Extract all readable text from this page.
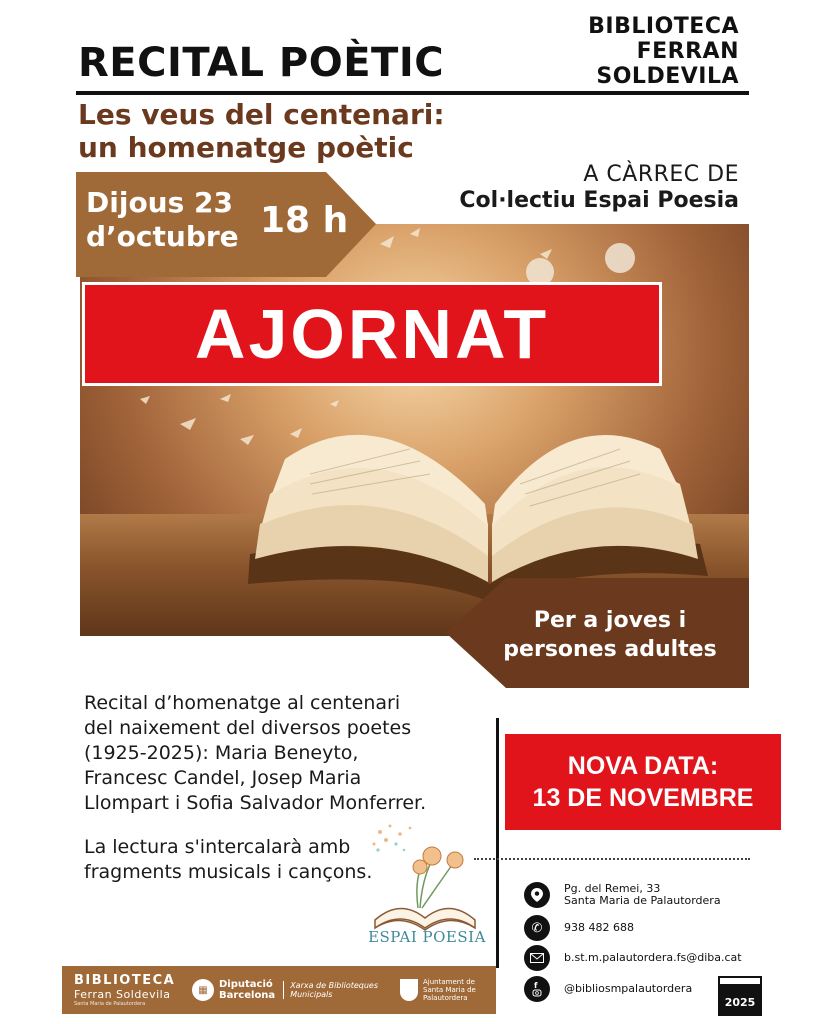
RECITAL POÈTIC
BIBLIOTECA
FERRAN
SOLDEVILA
Les veus del centenari:
un homenatge poètic
A CÀRREC DE
Col·lectiu Espai Poesia
Dijous 23
d’octubre 18 h
AJORNAT
Per a joves i
persones adultes
Recital d’homenatge al centenari
del naixement del diversos poetes
(1925-2025): Maria Beneyto,
Francesc Candel, Josep Maria
Llompart i Sofia Salvador Monferrer.
La lectura s'intercalarà amb
fragments musicals i cançons.
ESPAI POESIA
NOVA DATA:
13 DE NOVEMBRE
Pg. del Remei, 33
Santa Maria de Palautordera
✆	938 482 688
b.st.m.palautordera.fs@diba.cat
f @bibliosmpalautordera
BIBLIOTECA
Ferran Soldevila
Santa Maria de Palautordera
▦	Diputació
Barcelona
Xarxa de Biblioteques
Municipals
Ajuntament de
Santa Maria de
Palautordera	2025
